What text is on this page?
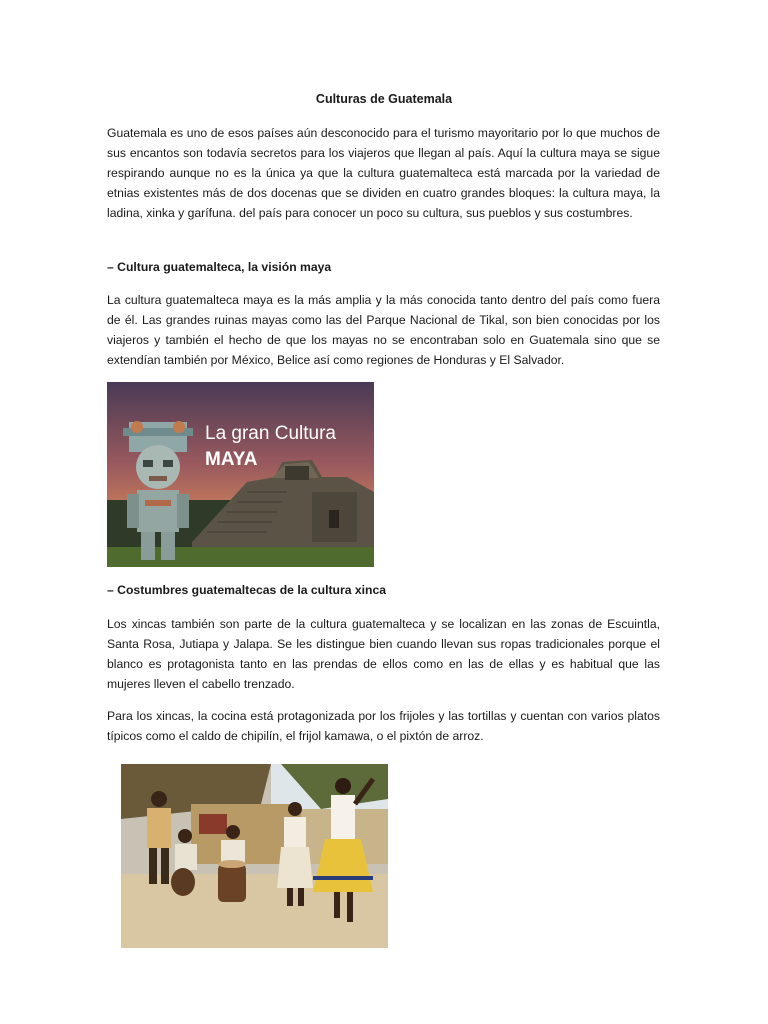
Culturas de Guatemala

Guatemala es uno de esos países aún desconocido para el turismo mayoritario por lo que muchos de sus encantos son todavía secretos para los viajeros que llegan al país. Aquí la cultura maya se sigue respirando aunque no es la única ya que la cultura guatemalteca está marcada por la variedad de etnias existentes más de dos docenas que se dividen en cuatro grandes bloques: la cultura maya, la ladina, xinka y garífuna. del país para conocer un poco su cultura, sus pueblos y sus costumbres.

– Cultura guatemalteca, la visión maya

La cultura guatemalteca maya es la más amplia y la más conocida tanto dentro del país como fuera de él. Las grandes ruinas mayas como las del Parque Nacional de Tikal, son bien conocidas por los viajeros y también el hecho de que los mayas no se encontraban solo en Guatemala sino que se extendían también por México, Belice así como regiones de Honduras y El Salvador.

La gran Cultura
MAYA

– Costumbres guatemaltecas de la cultura xinca

Los xincas también son parte de la cultura guatemalteca y se localizan en las zonas de Escuintla, Santa Rosa, Jutiapa y Jalapa. Se les distingue bien cuando llevan sus ropas tradicionales porque el blanco es protagonista tanto en las prendas de ellos como en las de ellas y es habitual que las mujeres lleven el cabello trenzado.

Para los xincas, la cocina está protagonizada por los frijoles y las tortillas y cuentan con varios platos típicos como el caldo de chipilín, el frijol kamawa, o el pixtón de arroz.
